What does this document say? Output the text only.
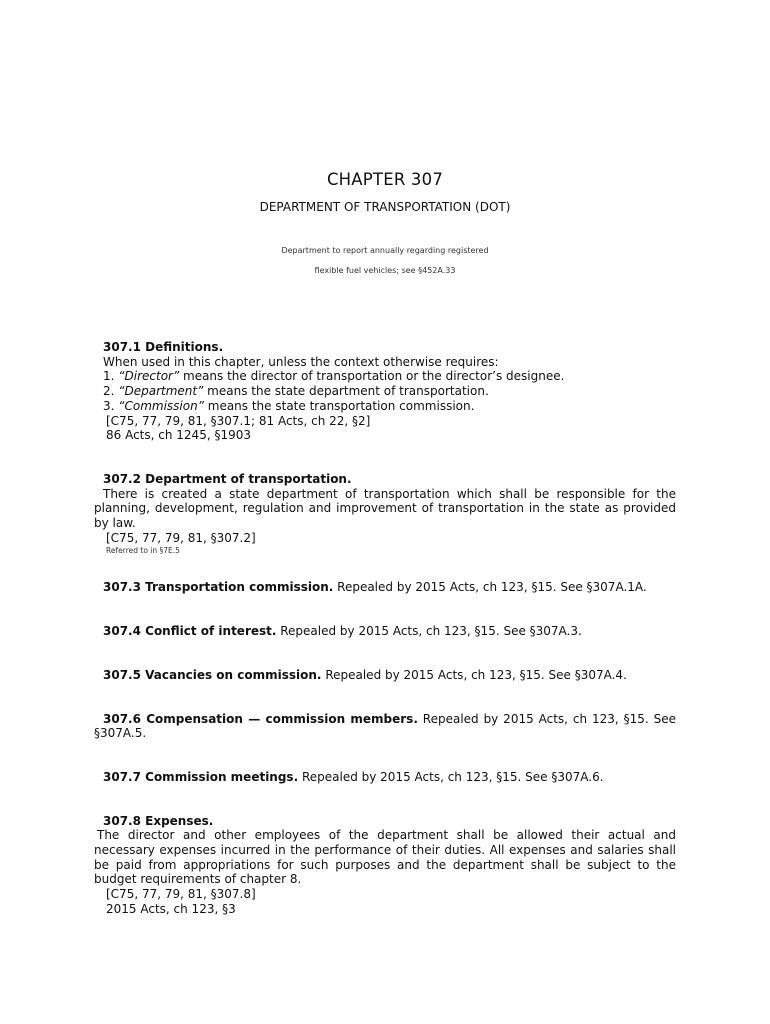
CHAPTER 307
DEPARTMENT OF TRANSPORTATION (DOT)
Department to report annually regarding registered
flexible fuel vehicles; see §452A.33
307.1 Definitions.
When used in this chapter, unless the context otherwise requires:
1. “Director” means the director of transportation or the director’s designee.
2. “Department” means the state department of transportation.
3. “Commission” means the state transportation commission.
[C75, 77, 79, 81, §307.1; 81 Acts, ch 22, §2]
86 Acts, ch 1245, §1903
307.2 Department of transportation.
There is created a state department of transportation which shall be responsible for the planning, development, regulation and improvement of transportation in the state as provided by law.
[C75, 77, 79, 81, §307.2]
Referred to in §7E.5
307.3 Transportation commission. Repealed by 2015 Acts, ch 123, §15. See §307A.1A.
307.4 Conflict of interest. Repealed by 2015 Acts, ch 123, §15. See §307A.3.
307.5 Vacancies on commission. Repealed by 2015 Acts, ch 123, §15. See §307A.4.
307.6 Compensation — commission members. Repealed by 2015 Acts, ch 123, §15. See §307A.5.
307.7 Commission meetings. Repealed by 2015 Acts, ch 123, §15. See §307A.6.
307.8 Expenses.
The director and other employees of the department shall be allowed their actual and necessary expenses incurred in the performance of their duties. All expenses and salaries shall be paid from appropriations for such purposes and the department shall be subject to the budget requirements of chapter 8.
[C75, 77, 79, 81, §307.8]
2015 Acts, ch 123, §3
